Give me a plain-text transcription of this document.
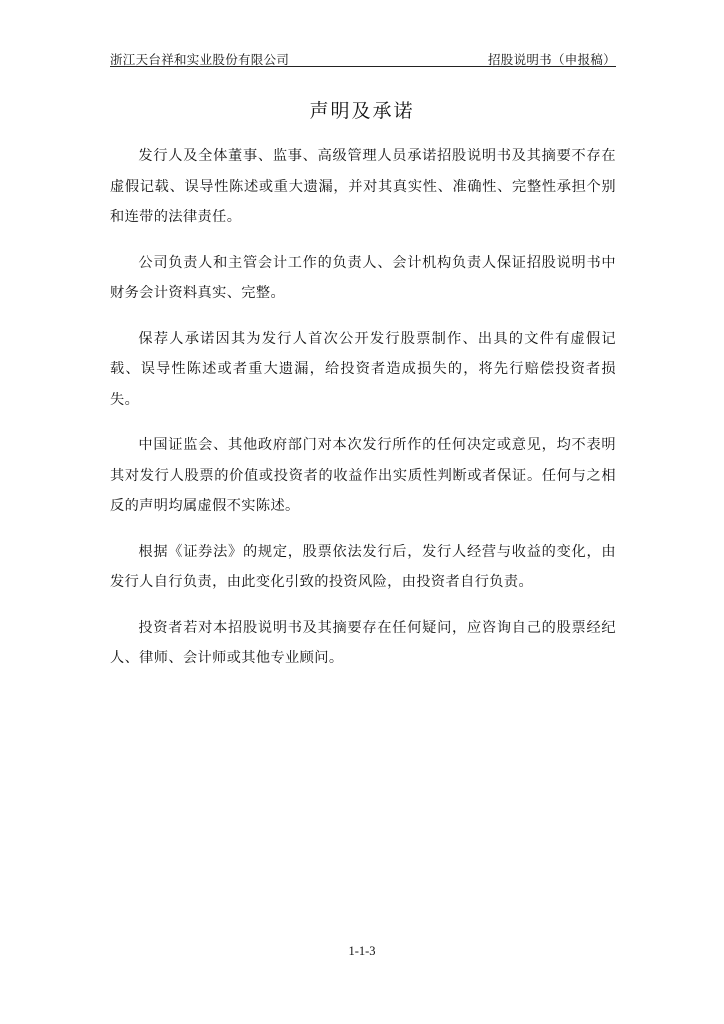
浙江天台祥和实业股份有限公司	招股说明书（申报稿）
声明及承诺

发行人及全体董事、监事、高级管理人员承诺招股说明书及其摘要不存在虚假记载、误导性陈述或重大遗漏，并对其真实性、准确性、完整性承担个别和连带的法律责任。

公司负责人和主管会计工作的负责人、会计机构负责人保证招股说明书中财务会计资料真实、完整。

保荐人承诺因其为发行人首次公开发行股票制作、出具的文件有虚假记载、误导性陈述或者重大遗漏，给投资者造成损失的，将先行赔偿投资者损失。

中国证监会、其他政府部门对本次发行所作的任何决定或意见，均不表明其对发行人股票的价值或投资者的收益作出实质性判断或者保证。任何与之相反的声明均属虚假不实陈述。

根据《证券法》的规定，股票依法发行后，发行人经营与收益的变化，由发行人自行负责，由此变化引致的投资风险，由投资者自行负责。

投资者若对本招股说明书及其摘要存在任何疑问，应咨询自己的股票经纪人、律师、会计师或其他专业顾问。

1-1-3
